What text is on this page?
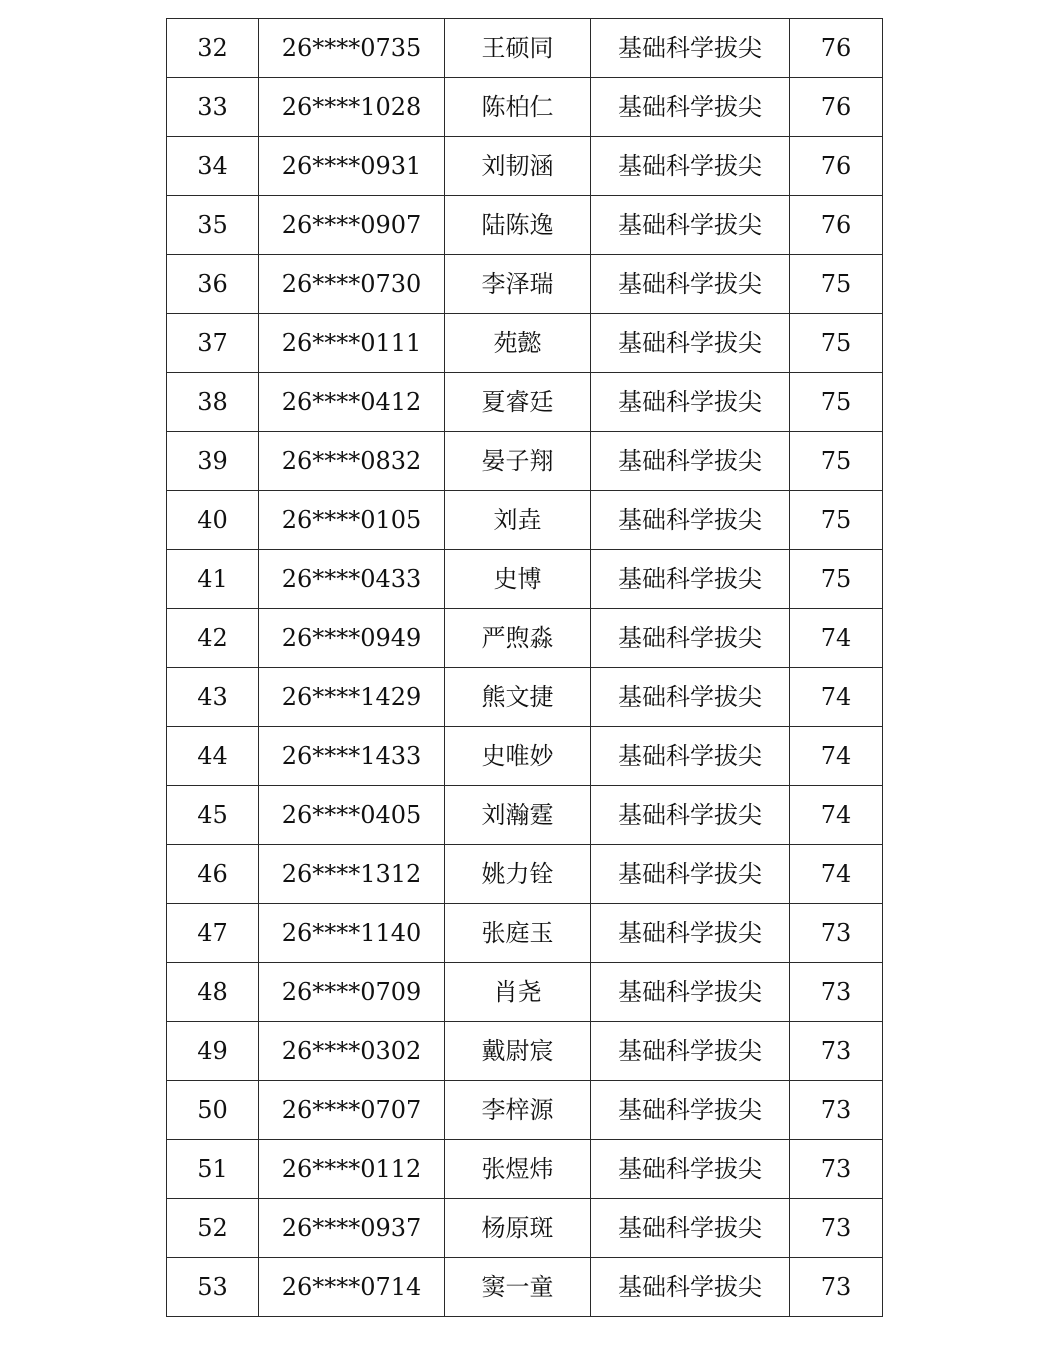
32	26****0735	王硕同	基础科学拔尖	76
33	26****1028	陈柏仁	基础科学拔尖	76
34	26****0931	刘韧涵	基础科学拔尖	76
35	26****0907	陆陈逸	基础科学拔尖	76
36	26****0730	李泽瑞	基础科学拔尖	75
37	26****0111	苑懿	基础科学拔尖	75
38	26****0412	夏睿廷	基础科学拔尖	75
39	26****0832	晏子翔	基础科学拔尖	75
40	26****0105	刘垚	基础科学拔尖	75
41	26****0433	史博	基础科学拔尖	75
42	26****0949	严煦淼	基础科学拔尖	74
43	26****1429	熊文捷	基础科学拔尖	74
44	26****1433	史唯妙	基础科学拔尖	74
45	26****0405	刘瀚霆	基础科学拔尖	74
46	26****1312	姚力铨	基础科学拔尖	74
47	26****1140	张庭玉	基础科学拔尖	73
48	26****0709	肖尧	基础科学拔尖	73
49	26****0302	戴尉宸	基础科学拔尖	73
50	26****0707	李梓源	基础科学拔尖	73
51	26****0112	张煜炜	基础科学拔尖	73
52	26****0937	杨原斑	基础科学拔尖	73
53	26****0714	窦一童	基础科学拔尖	73
